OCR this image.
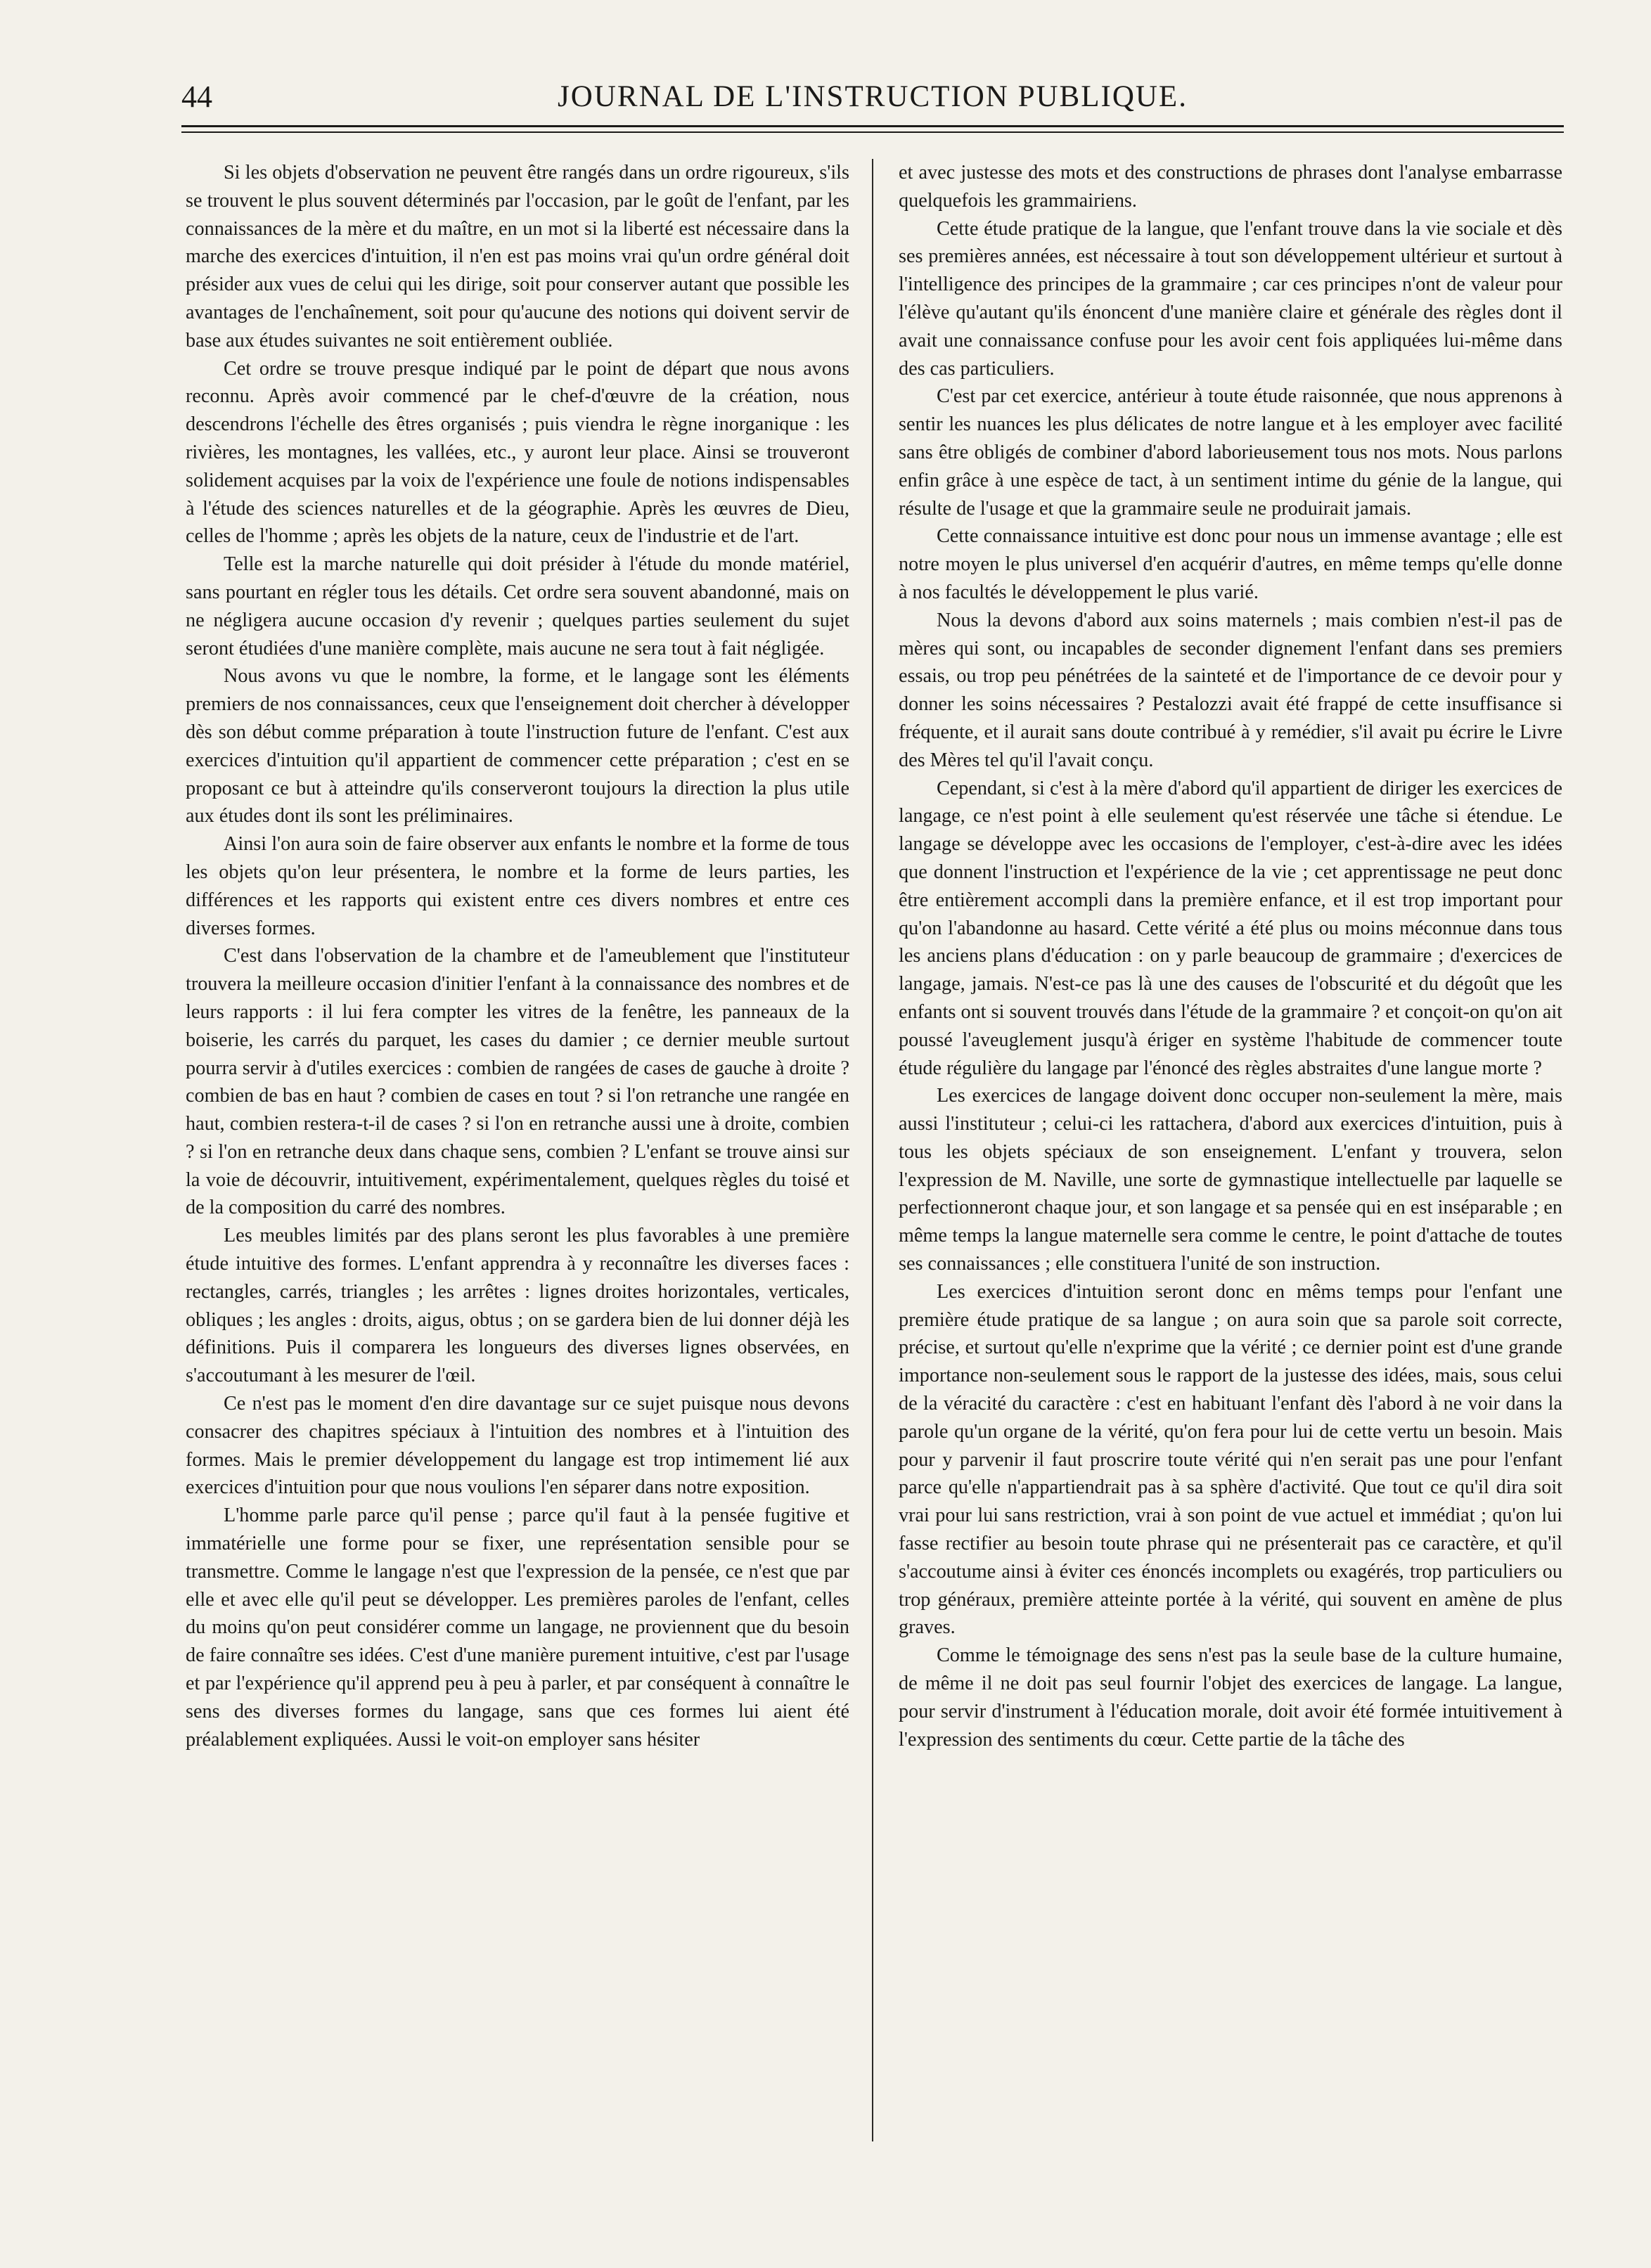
44	JOURNAL DE L'INSTRUCTION PUBLIQUE.

Si les objets d'observation ne peuvent être rangés dans un ordre rigoureux, s'ils se trouvent le plus souvent déterminés par l'occasion, par le goût de l'enfant, par les connaissances de la mère et du maître, en un mot si la liberté est nécessaire dans la marche des exercices d'intuition, il n'en est pas moins vrai qu'un ordre général doit présider aux vues de celui qui les dirige, soit pour conserver autant que possible les avantages de l'enchaînement, soit pour qu'aucune des notions qui doivent servir de base aux études suivantes ne soit entièrement oubliée.

Cet ordre se trouve presque indiqué par le point de départ que nous avons reconnu. Après avoir commencé par le chef-d'œuvre de la création, nous descendrons l'échelle des êtres organisés ; puis viendra le règne inorganique : les rivières, les montagnes, les vallées, etc., y auront leur place. Ainsi se trouveront solidement acquises par la voix de l'expérience une foule de notions indispensables à l'étude des sciences naturelles et de la géographie. Après les œuvres de Dieu, celles de l'homme ; après les objets de la nature, ceux de l'industrie et de l'art.

Telle est la marche naturelle qui doit présider à l'étude du monde matériel, sans pourtant en régler tous les détails. Cet ordre sera souvent abandonné, mais on ne négligera aucune occasion d'y revenir ; quelques parties seulement du sujet seront étudiées d'une manière complète, mais aucune ne sera tout à fait négligée.

Nous avons vu que le nombre, la forme, et le langage sont les éléments premiers de nos connaissances, ceux que l'enseignement doit chercher à développer dès son début comme préparation à toute l'instruction future de l'enfant. C'est aux exercices d'intuition qu'il appartient de commencer cette préparation ; c'est en se proposant ce but à atteindre qu'ils conserveront toujours la direction la plus utile aux études dont ils sont les préliminaires.

Ainsi l'on aura soin de faire observer aux enfants le nombre et la forme de tous les objets qu'on leur présentera, le nombre et la forme de leurs parties, les différences et les rapports qui existent entre ces divers nombres et entre ces diverses formes.

C'est dans l'observation de la chambre et de l'ameublement que l'instituteur trouvera la meilleure occasion d'initier l'enfant à la connaissance des nombres et de leurs rapports : il lui fera compter les vitres de la fenêtre, les panneaux de la boiserie, les carrés du parquet, les cases du damier ; ce dernier meuble surtout pourra servir à d'utiles exercices : combien de rangées de cases de gauche à droite ? combien de bas en haut ? combien de cases en tout ? si l'on retranche une rangée en haut, combien restera-t-il de cases ? si l'on en retranche aussi une à droite, combien ? si l'on en retranche deux dans chaque sens, combien ? L'enfant se trouve ainsi sur la voie de découvrir, intuitivement, expérimentalement, quelques règles du toisé et de la composition du carré des nombres.

Les meubles limités par des plans seront les plus favorables à une première étude intuitive des formes. L'enfant apprendra à y reconnaître les diverses faces : rectangles, carrés, triangles ; les arrêtes : lignes droites horizontales, verticales, obliques ; les angles : droits, aigus, obtus ; on se gardera bien de lui donner déjà les définitions. Puis il comparera les longueurs des diverses lignes observées, en s'accoutumant à les mesurer de l'œil.

Ce n'est pas le moment d'en dire davantage sur ce sujet puisque nous devons consacrer des chapitres spéciaux à l'intuition des nombres et à l'intuition des formes. Mais le premier développement du langage est trop intimement lié aux exercices d'intuition pour que nous voulions l'en séparer dans notre exposition.

L'homme parle parce qu'il pense ; parce qu'il faut à la pensée fugitive et immatérielle une forme pour se fixer, une représentation sensible pour se transmettre. Comme le langage n'est que l'expression de la pensée, ce n'est que par elle et avec elle qu'il peut se développer. Les premières paroles de l'enfant, celles du moins qu'on peut considérer comme un langage, ne proviennent que du besoin de faire connaître ses idées. C'est d'une manière purement intuitive, c'est par l'usage et par l'expérience qu'il apprend peu à peu à parler, et par conséquent à connaître le sens des diverses formes du langage, sans que ces formes lui aient été préalablement expliquées. Aussi le voit-on employer sans hésiter

et avec justesse des mots et des constructions de phrases dont l'analyse embarrasse quelquefois les grammairiens.

Cette étude pratique de la langue, que l'enfant trouve dans la vie sociale et dès ses premières années, est nécessaire à tout son développement ultérieur et surtout à l'intelligence des principes de la grammaire ; car ces principes n'ont de valeur pour l'élève qu'autant qu'ils énoncent d'une manière claire et générale des règles dont il avait une connaissance confuse pour les avoir cent fois appliquées lui-même dans des cas particuliers.

C'est par cet exercice, antérieur à toute étude raisonnée, que nous apprenons à sentir les nuances les plus délicates de notre langue et à les employer avec facilité sans être obligés de combiner d'abord laborieusement tous nos mots. Nous parlons enfin grâce à une espèce de tact, à un sentiment intime du génie de la langue, qui résulte de l'usage et que la grammaire seule ne produirait jamais.

Cette connaissance intuitive est donc pour nous un immense avantage ; elle est notre moyen le plus universel d'en acquérir d'autres, en même temps qu'elle donne à nos facultés le développement le plus varié.

Nous la devons d'abord aux soins maternels ; mais combien n'est-il pas de mères qui sont, ou incapables de seconder dignement l'enfant dans ses premiers essais, ou trop peu pénétrées de la sainteté et de l'importance de ce devoir pour y donner les soins nécessaires ? Pestalozzi avait été frappé de cette insuffisance si fréquente, et il aurait sans doute contribué à y remédier, s'il avait pu écrire le Livre des Mères tel qu'il l'avait conçu.

Cependant, si c'est à la mère d'abord qu'il appartient de diriger les exercices de langage, ce n'est point à elle seulement qu'est réservée une tâche si étendue. Le langage se développe avec les occasions de l'employer, c'est-à-dire avec les idées que donnent l'instruction et l'expérience de la vie ; cet apprentissage ne peut donc être entièrement accompli dans la première enfance, et il est trop important pour qu'on l'abandonne au hasard. Cette vérité a été plus ou moins méconnue dans tous les anciens plans d'éducation : on y parle beaucoup de grammaire ; d'exercices de langage, jamais. N'est-ce pas là une des causes de l'obscurité et du dégoût que les enfants ont si souvent trouvés dans l'étude de la grammaire ? et conçoit-on qu'on ait poussé l'aveuglement jusqu'à ériger en système l'habitude de commencer toute étude régulière du langage par l'énoncé des règles abstraites d'une langue morte ?

Les exercices de langage doivent donc occuper non-seulement la mère, mais aussi l'instituteur ; celui-ci les rattachera, d'abord aux exercices d'intuition, puis à tous les objets spéciaux de son enseignement. L'enfant y trouvera, selon l'expression de M. Naville, une sorte de gymnastique intellectuelle par laquelle se perfectionneront chaque jour, et son langage et sa pensée qui en est inséparable ; en même temps la langue maternelle sera comme le centre, le point d'attache de toutes ses connaissances ; elle constituera l'unité de son instruction.

Les exercices d'intuition seront donc en mêms temps pour l'enfant une première étude pratique de sa langue ; on aura soin que sa parole soit correcte, précise, et surtout qu'elle n'exprime que la vérité ; ce dernier point est d'une grande importance non-seulement sous le rapport de la justesse des idées, mais, sous celui de la véracité du caractère : c'est en habituant l'enfant dès l'abord à ne voir dans la parole qu'un organe de la vérité, qu'on fera pour lui de cette vertu un besoin. Mais pour y parvenir il faut proscrire toute vérité qui n'en serait pas une pour l'enfant parce qu'elle n'appartiendrait pas à sa sphère d'activité. Que tout ce qu'il dira soit vrai pour lui sans restriction, vrai à son point de vue actuel et immédiat ; qu'on lui fasse rectifier au besoin toute phrase qui ne présenterait pas ce caractère, et qu'il s'accoutume ainsi à éviter ces énoncés incomplets ou exagérés, trop particuliers ou trop généraux, première atteinte portée à la vérité, qui souvent en amène de plus graves.

Comme le témoignage des sens n'est pas la seule base de la culture humaine, de même il ne doit pas seul fournir l'objet des exercices de langage. La langue, pour servir d'instrument à l'éducation morale, doit avoir été formée intuitivement à l'expression des sentiments du cœur. Cette partie de la tâche des
